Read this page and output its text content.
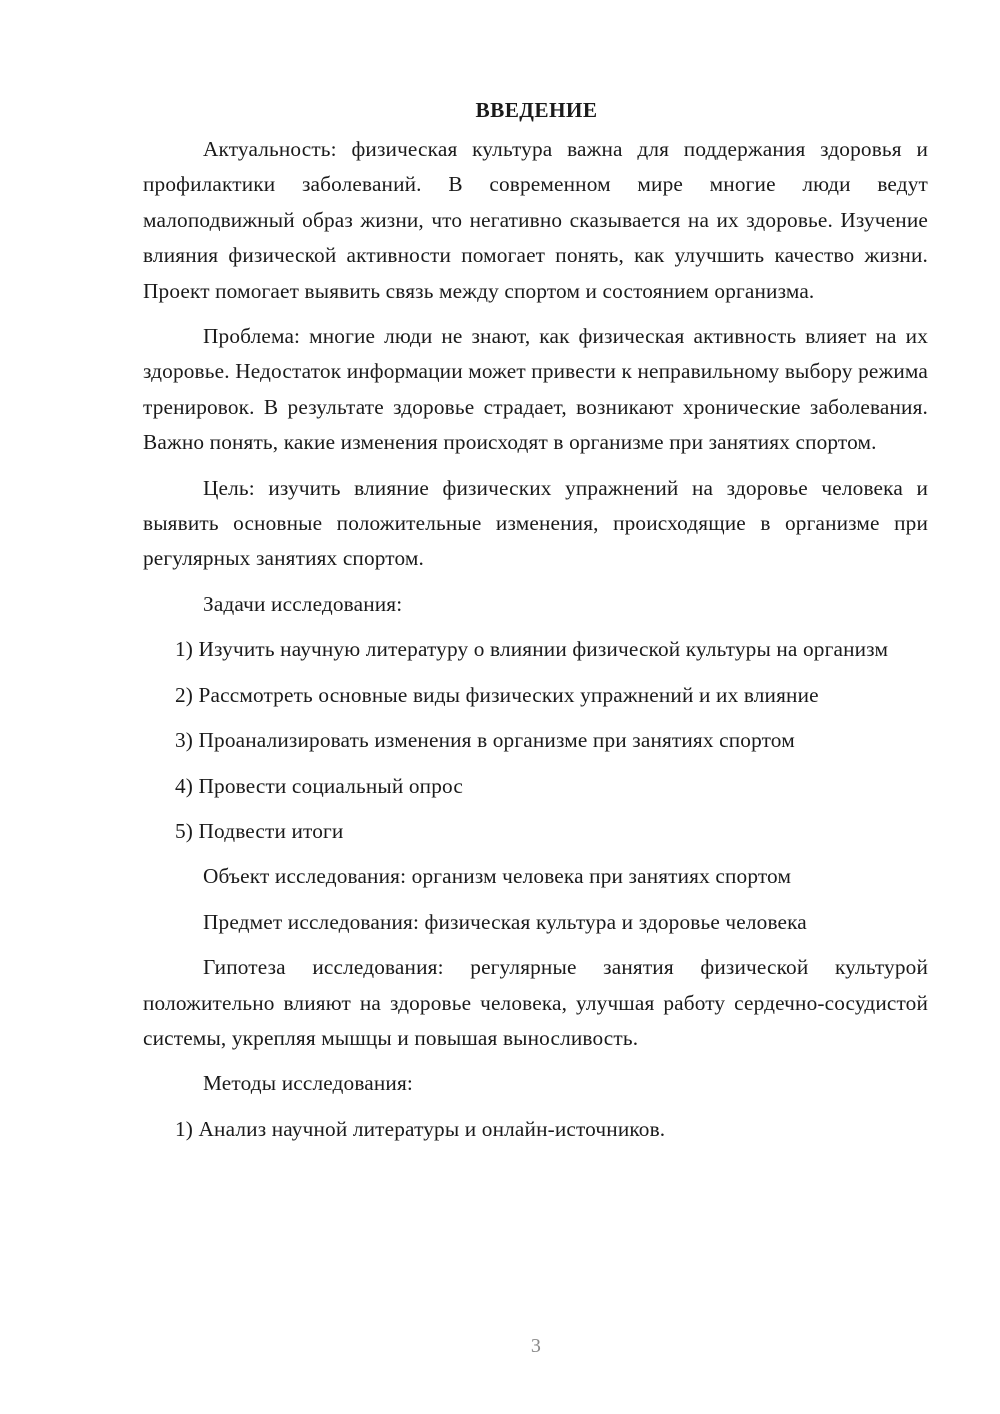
ВВЕДЕНИЕ

Актуальность: физическая культура важна для поддержания здоровья и профилактики заболеваний. В современном мире многие люди ведут малоподвижный образ жизни, что негативно сказывается на их здоровье. Изучение влияния физической активности помогает понять, как улучшить качество жизни. Проект помогает выявить связь между спортом и состоянием организма.

Проблема: многие люди не знают, как физическая активность влияет на их здоровье. Недостаток информации может привести к неправильному выбору режима тренировок. В результате здоровье страдает, возникают хронические заболевания. Важно понять, какие изменения происходят в организме при занятиях спортом.

Цель: изучить влияние физических упражнений на здоровье человека и выявить основные положительные изменения, происходящие в организме при регулярных занятиях спортом.

Задачи исследования:

1) Изучить научную литературу о влиянии физической культуры на организм

2) Рассмотреть основные виды физических упражнений и их влияние

3) Проанализировать изменения в организме при занятиях спортом

4) Провести социальный опрос

5) Подвести итоги

Объект исследования: организм человека при занятиях спортом

Предмет исследования: физическая культура и здоровье человека

Гипотеза исследования: регулярные занятия физической культурой положительно влияют на здоровье человека, улучшая работу сердечно-сосудистой системы, укрепляя мышцы и повышая выносливость.

Методы исследования:

1) Анализ научной литературы и онлайн-источников.

3
